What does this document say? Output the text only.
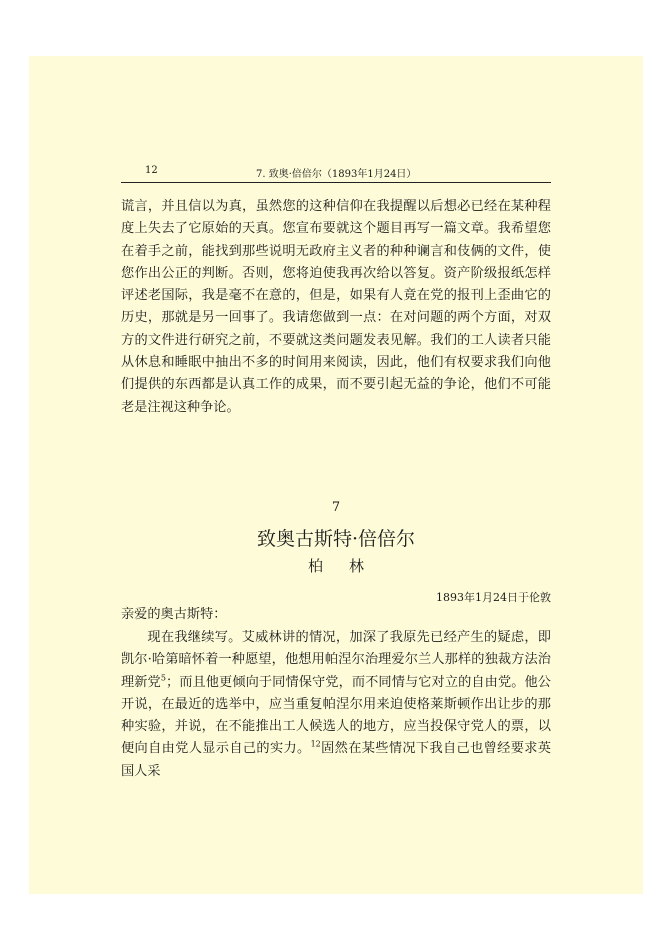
12	7. 致奥·倍倍尔（1893年1月24日）

谎言，并且信以为真，虽然您的这种信仰在我提醒以后想必已经在某种程度上失去了它原始的天真。您宣布要就这个题目再写一篇文章。我希望您在着手之前，能找到那些说明无政府主义者的种种谰言和伎俩的文件，使您作出公正的判断。否则，您将迫使我再次给以答复。资产阶级报纸怎样评述老国际，我是毫不在意的，但是，如果有人竟在党的报刊上歪曲它的历史，那就是另一回事了。我请您做到一点：在对问题的两个方面，对双方的文件进行研究之前，不要就这类问题发表见解。我们的工人读者只能从休息和睡眠中抽出不多的时间用来阅读，因此，他们有权要求我们向他们提供的东西都是认真工作的成果，而不要引起无益的争论，他们不可能老是注视这种争论。

7
致奥古斯特·倍倍尔
柏林
1893年1月24日于伦敦
亲爱的奥古斯特：

现在我继续写。艾威林讲的情况，加深了我原先已经产生的疑虑，即凯尔·哈第暗怀着一种愿望，他想用帕涅尔治理爱尔兰人那样的独裁方法治理新党$^5$；而且他更倾向于同情保守党，而不同情与它对立的自由党。他公开说，在最近的选举中，应当重复帕涅尔用来迫使格莱斯顿作出让步的那种实验，并说，在不能推出工人候选人的地方，应当投保守党人的票，以便向自由党人显示自己的实力。$^{12}$固然在某些情况下我自己也曾经要求英国人采
